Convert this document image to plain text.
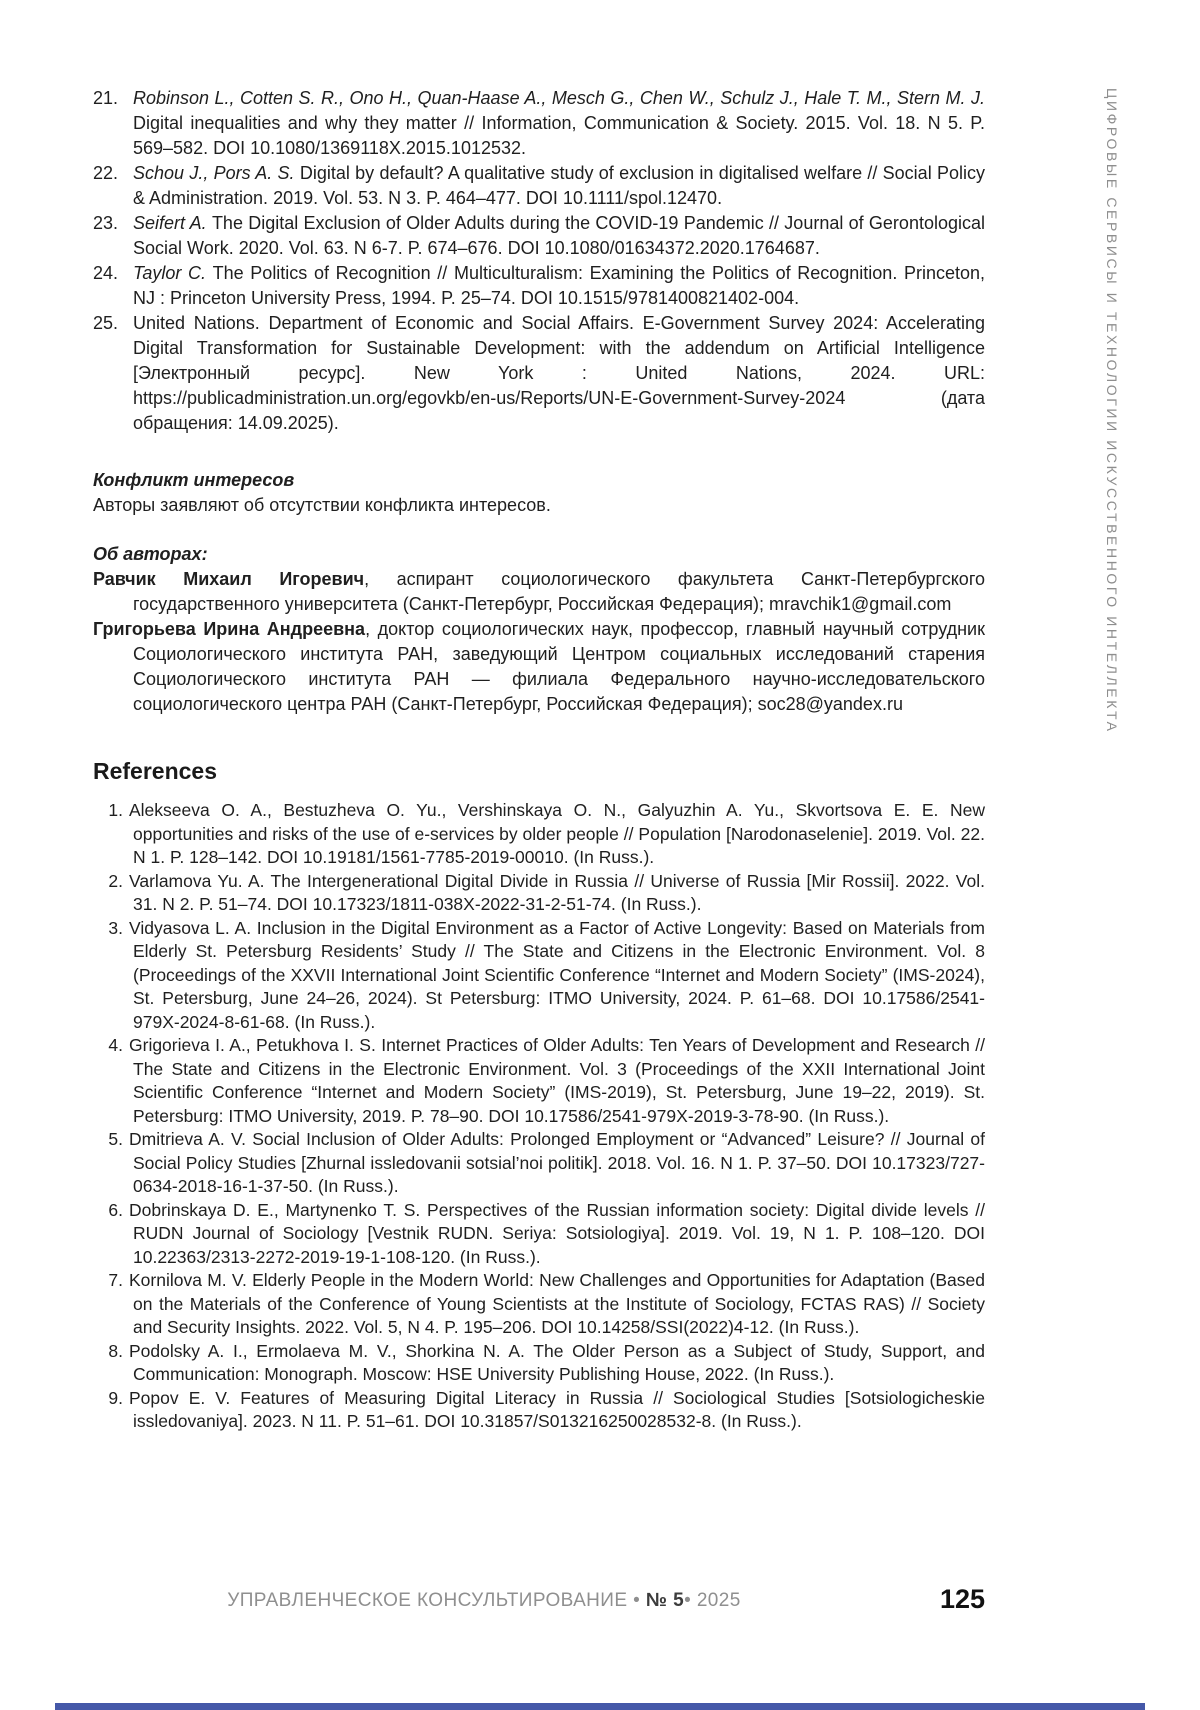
21. Robinson L., Cotten S. R., Ono H., Quan-Haase A., Mesch G., Chen W., Schulz J., Hale T. M., Stern M. J. Digital inequalities and why they matter // Information, Communication & Society. 2015. Vol. 18. N 5. P. 569–582. DOI 10.1080/1369118X.2015.1012532.

22. Schou J., Pors A. S. Digital by default? A qualitative study of exclusion in digitalised welfare // Social Policy & Administration. 2019. Vol. 53. N 3. P. 464–477. DOI 10.1111/spol.12470.

23. Seifert A. The Digital Exclusion of Older Adults during the COVID-19 Pandemic // Journal of Gerontological Social Work. 2020. Vol. 63. N 6-7. P. 674–676. DOI 10.1080/01634372.2020.1764687.

24. Taylor C. The Politics of Recognition // Multiculturalism: Examining the Politics of Recognition. Princeton, NJ : Princeton University Press, 1994. P. 25–74. DOI 10.1515/9781400821402-004.

25. United Nations. Department of Economic and Social Affairs. E-Government Survey 2024: Accelerating Digital Transformation for Sustainable Development: with the addendum on Artificial Intelligence [Электронный ресурс]. New York : United Nations, 2024. URL: https://publicadministration.un.org/egovkb/en-us/Reports/UN-E-Government-Survey-2024 (дата обращения: 14.09.2025).

Конфликт интересов

Авторы заявляют об отсутствии конфликта интересов.

Об авторах:

Равчик Михаил Игоревич, аспирант социологического факультета Санкт-Петербургского государственного университета (Санкт-Петербург, Российская Федерация); mravchik1@gmail.com

Григорьева Ирина Андреевна, доктор социологических наук, профессор, главный научный сотрудник Социологического института РАН, заведующий Центром социальных исследований старения Социологического института РАН — филиала Федерального научно-исследовательского социологического центра РАН (Санкт-Петербург, Российская Федерация); soc28@yandex.ru

References

1. Alekseeva O. A., Bestuzheva O. Yu., Vershinskaya O. N., Galyuzhin A. Yu., Skvortsova E. E. New opportunities and risks of the use of e-services by older people // Population [Narodonaselenie]. 2019. Vol. 22. N 1. P. 128–142. DOI 10.19181/1561-7785-2019-00010. (In Russ.).

2. Varlamova Yu. A. The Intergenerational Digital Divide in Russia // Universe of Russia [Mir Rossii]. 2022. Vol. 31. N 2. P. 51–74. DOI 10.17323/1811-038X-2022-31-2-51-74. (In Russ.).

3. Vidyasova L. A. Inclusion in the Digital Environment as a Factor of Active Longevity: Based on Materials from Elderly St. Petersburg Residents’ Study // The State and Citizens in the Electronic Environment. Vol. 8 (Proceedings of the XXVII International Joint Scientific Conference “Internet and Modern Society” (IMS-2024), St. Petersburg, June 24–26, 2024). St Petersburg: ITMO University, 2024. P. 61–68. DOI 10.17586/2541-979X-2024-8-61-68. (In Russ.).

4. Grigorieva I. A., Petukhova I. S. Internet Practices of Older Adults: Ten Years of Development and Research // The State and Citizens in the Electronic Environment. Vol. 3 (Proceedings of the XXII International Joint Scientific Conference “Internet and Modern Society” (IMS-2019), St. Petersburg, June 19–22, 2019). St. Petersburg: ITMO University, 2019. P. 78–90. DOI 10.17586/2541-979X-2019-3-78-90. (In Russ.).

5. Dmitrieva A. V. Social Inclusion of Older Adults: Prolonged Employment or “Advanced” Leisure? // Journal of Social Policy Studies [Zhurnal issledovanii sotsial’noi politik]. 2018. Vol. 16. N 1. P. 37–50. DOI 10.17323/727-0634-2018-16-1-37-50. (In Russ.).

6. Dobrinskaya D. E., Martynenko T. S. Perspectives of the Russian information society: Digital divide levels // RUDN Journal of Sociology [Vestnik RUDN. Seriya: Sotsiologiya]. 2019. Vol. 19, N 1. P. 108–120. DOI 10.22363/2313-2272-2019-19-1-108-120. (In Russ.).

7. Kornilova M. V. Elderly People in the Modern World: New Challenges and Opportunities for Adaptation (Based on the Materials of the Conference of Young Scientists at the Institute of Sociology, FCTAS RAS) // Society and Security Insights. 2022. Vol. 5, N 4. P. 195–206. DOI 10.14258/SSI(2022)4-12. (In Russ.).

8. Podolsky A. I., Ermolaeva M. V., Shorkina N. A. The Older Person as a Subject of Study, Support, and Communication: Monograph. Moscow: HSE University Publishing House, 2022. (In Russ.).

9. Popov E. V. Features of Measuring Digital Literacy in Russia // Sociological Studies [Sotsiologicheskie issledovaniya]. 2023. N 11. P. 51–61. DOI 10.31857/S013216250028532-8. (In Russ.).

ЦИФРОВЫЕ СЕРВИСЫ И ТЕХНОЛОГИИ ИСКУССТВЕННОГО ИНТЕЛЛЕКТА
УПРАВЛЕНЧЕСКОЕ КОНСУЛЬТИРОВАНИЕ • № 5• 2025	125
